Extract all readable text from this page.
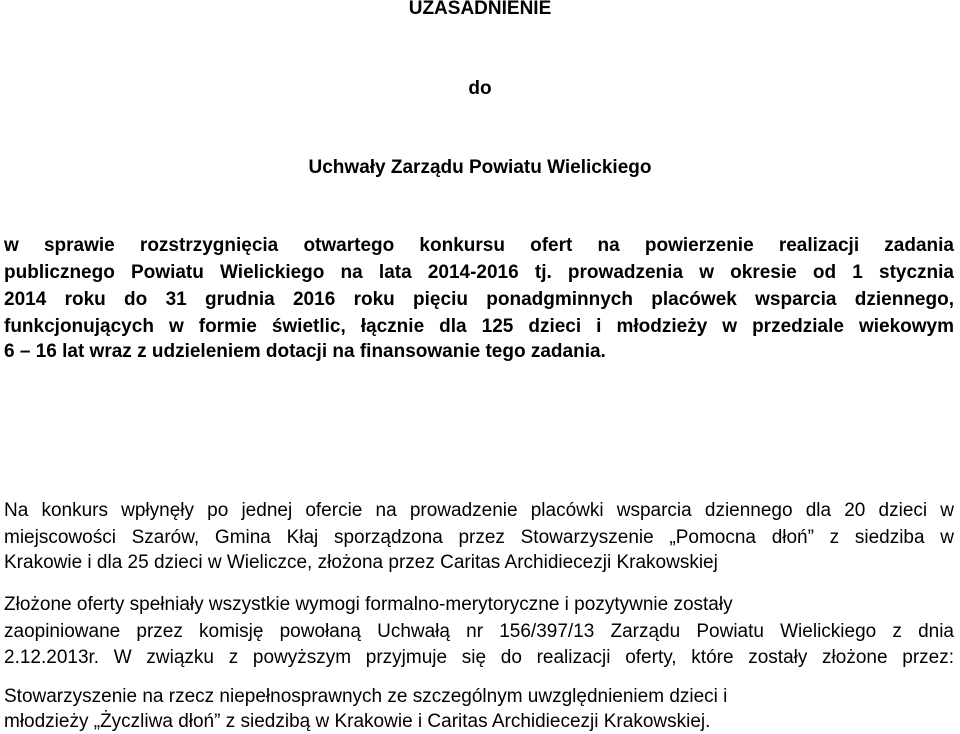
UZASADNIENIE
do
Uchwały Zarządu Powiatu Wielickiego
w sprawie rozstrzygnięcia otwartego konkursu ofert na powierzenie realizacji zadania
publicznego Powiatu Wielickiego na lata 2014-2016 tj. prowadzenia w okresie od 1 stycznia
2014 roku do 31 grudnia 2016 roku pięciu ponadgminnych placówek wsparcia dziennego,
funkcjonujących w formie świetlic, łącznie dla 125 dzieci i młodzieży w przedziale wiekowym
6 – 16 lat wraz z udzieleniem dotacji na finansowanie tego zadania.
Na konkurs wpłynęły po jednej ofercie na prowadzenie placówki wsparcia dziennego dla 20 dzieci w
miejscowości Szarów, Gmina Kłaj sporządzona przez Stowarzyszenie „Pomocna dłoń” z siedziba w
Krakowie i dla 25 dzieci w Wieliczce, złożona przez Caritas Archidiecezji Krakowskiej
Złożone oferty spełniały wszystkie wymogi formalno-merytoryczne i pozytywnie zostały
zaopiniowane przez komisję powołaną Uchwałą nr 156/397/13 Zarządu Powiatu Wielickiego z dnia
2.12.2013r. W związku z powyższym przyjmuje się do realizacji oferty, które zostały złożone przez:
Stowarzyszenie na rzecz niepełnosprawnych ze szczególnym uwzględnieniem dzieci i
młodzieży „Życzliwa dłoń” z siedzibą w Krakowie i Caritas Archidiecezji Krakowskiej.
